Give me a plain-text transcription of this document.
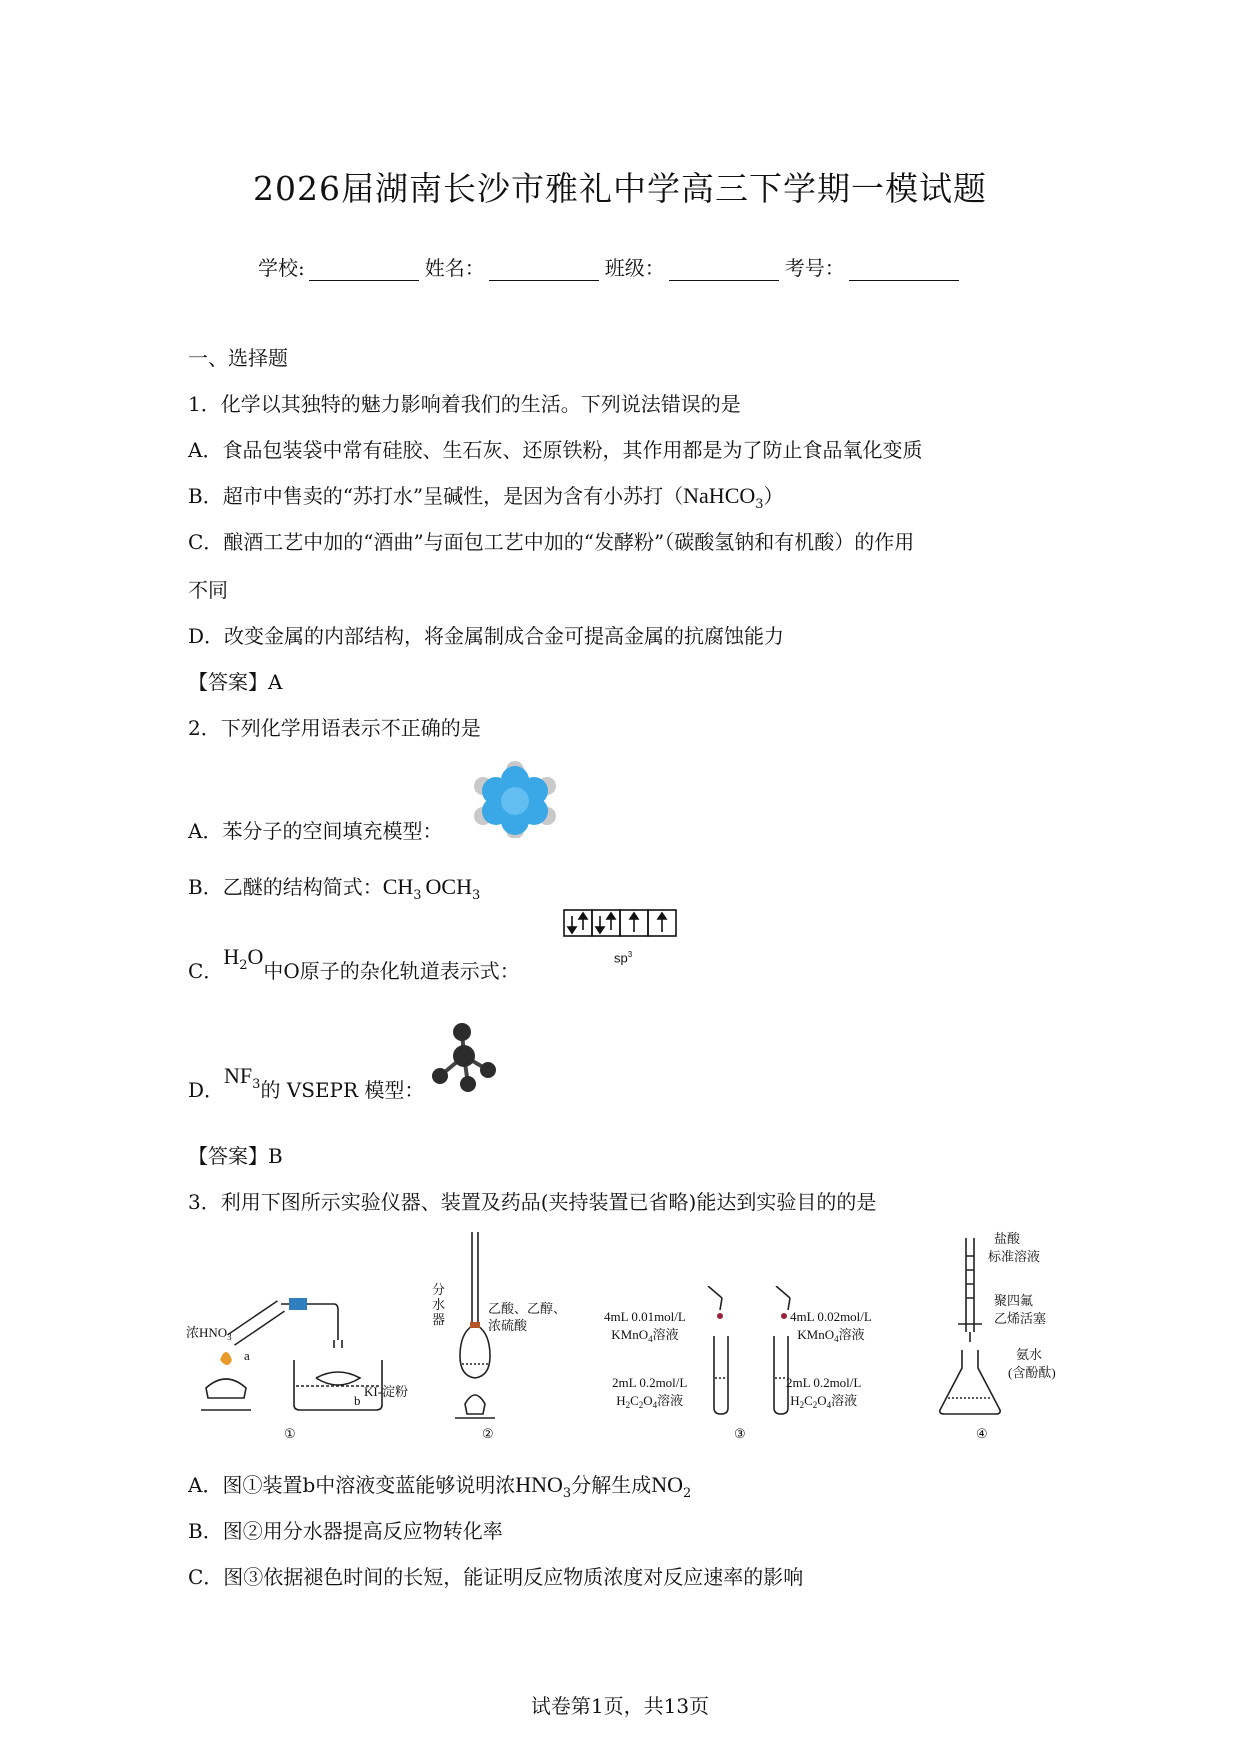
2026届湖南长沙市雅礼中学高三下学期一模试题
学校:	姓名：	班级：	考号：
一、选择题
1．化学以其独特的魅力影响着我们的生活。下列说法错误的是
A．食品包装袋中常有硅胶、生石灰、还原铁粉，其作用都是为了防止食品氧化变质
B．超市中售卖的“苏打水”呈碱性，是因为含有小苏打（NaHCO$_3$）
C．酿酒工艺中加的“酒曲”与面包工艺中加的“发酵粉”（碳酸氢钠和有机酸）的作用
不同
D．改变金属的内部结构，将金属制成合金可提高金属的抗腐蚀能力
【答案】A
2．下列化学用语表示不正确的是
A．苯分子的空间填充模型：
B．乙醚的结构简式：$CH_3$ $OCH_3$
C．$H^2O$中O原子的杂化轨道表示式：
$sp^3$
D．$NF^3$的 VSEPR 模型：
【答案】B
3．利用下图所示实验仪器、装置及药品(夹持装置已省略)能达到实验目的的是
浓$HNO_3$
a
b
KI-淀粉
①
分
水
器
乙酸、乙醇、
浓硫酸
②
4mL 0.01mol/L
KMnO$_4$溶液
2mL 0.2mol/L
$H_2C_2O_4$溶液
4mL 0.02mol/L
KMnO$_4$溶液
2mL 0.2mol/L
$H_2C_2O_4$溶液
③
盐酸
标准溶液
聚四氟
乙烯活塞
氨水
(含酚酞)
④
A．图①装置b中溶液变蓝能够说明浓$HNO_3$分解生成$NO_2$
B．图②用分水器提高反应物转化率
C．图③依据褪色时间的长短，能证明反应物质浓度对反应速率的影响
试卷第1页，共13页
